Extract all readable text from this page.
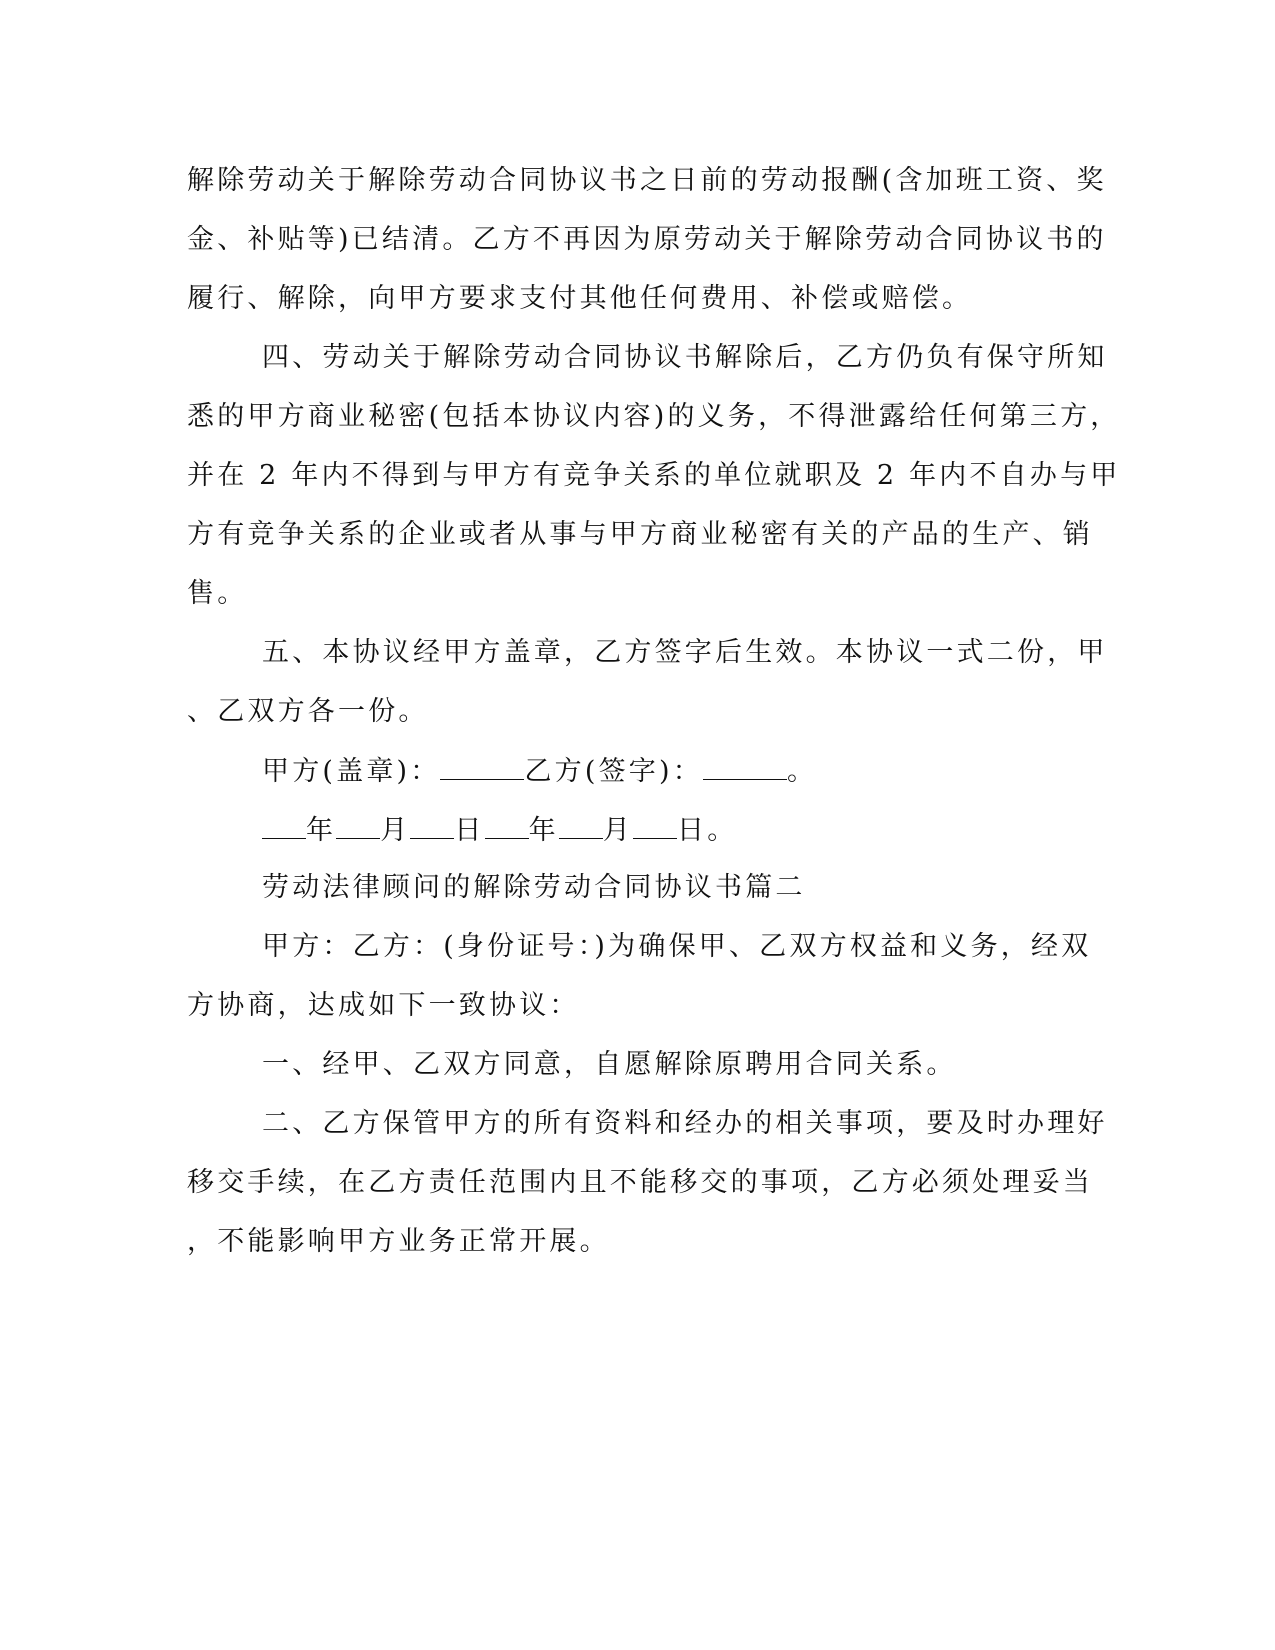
解除劳动关于解除劳动合同协议书之日前的劳动报酬(含加班工资、奖
金、补贴等)已结清。乙方不再因为原劳动关于解除劳动合同协议书的
履行、解除，向甲方要求支付其他任何费用、补偿或赔偿。
四、劳动关于解除劳动合同协议书解除后，乙方仍负有保守所知
悉的甲方商业秘密(包括本协议内容)的义务，不得泄露给任何第三方，
并在 2 年内不得到与甲方有竞争关系的单位就职及 2 年内不自办与甲
方有竞争关系的企业或者从事与甲方商业秘密有关的产品的生产、销
售。
五、本协议经甲方盖章，乙方签字后生效。本协议一式二份，甲
、乙双方各一份。
甲方(盖章)：	乙方(签字)：	。
年 月 日 年 月 日。
劳动法律顾问的解除劳动合同协议书篇二
甲方：乙方：(身份证号：)为确保甲、乙双方权益和义务，经双
方协商，达成如下一致协议：
一、经甲、乙双方同意，自愿解除原聘用合同关系。
二、乙方保管甲方的所有资料和经办的相关事项，要及时办理好
移交手续，在乙方责任范围内且不能移交的事项，乙方必须处理妥当
，不能影响甲方业务正常开展。
